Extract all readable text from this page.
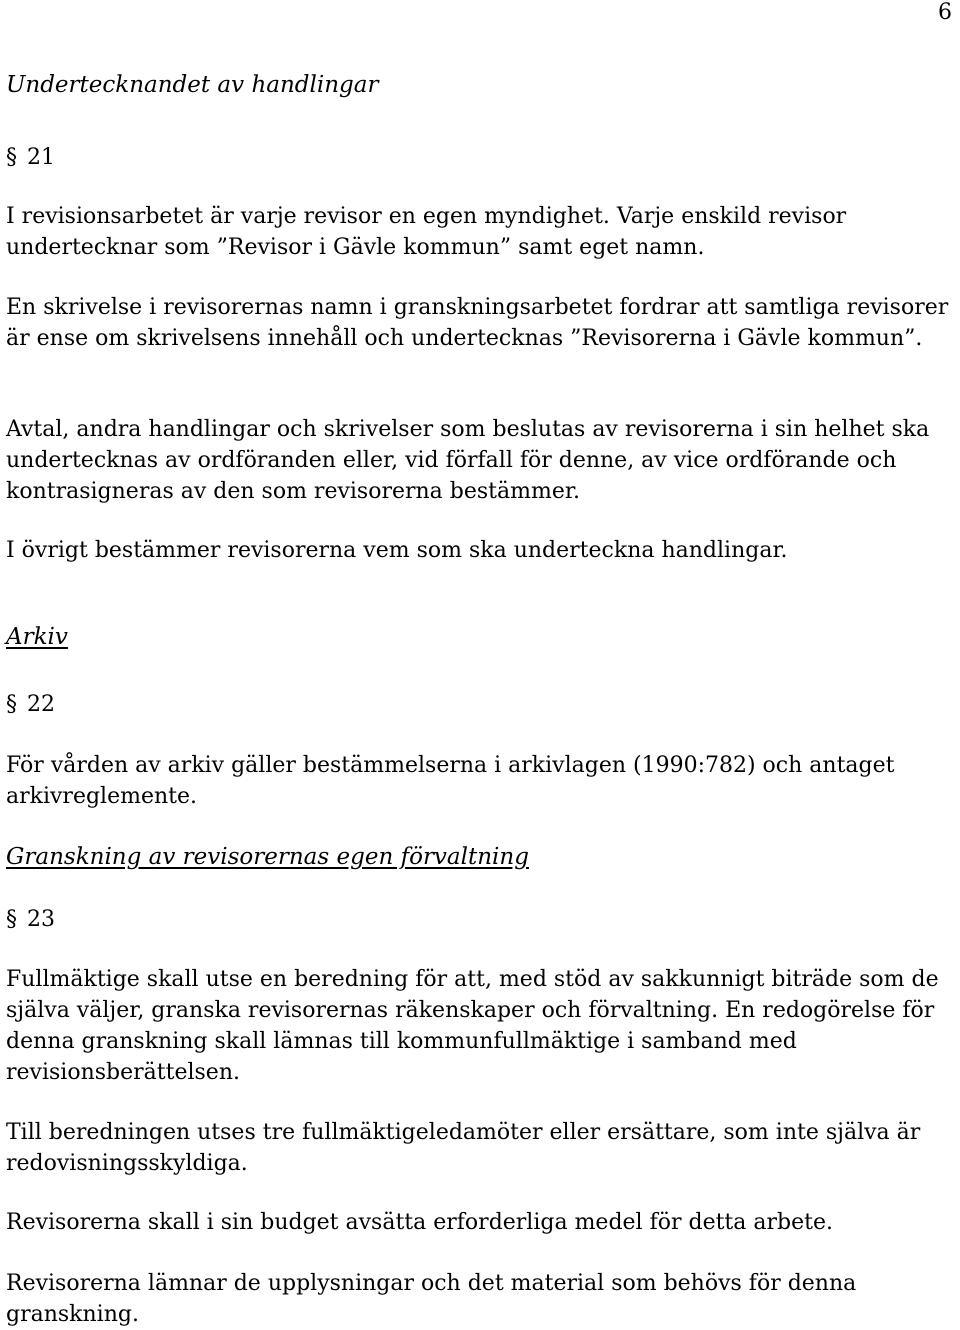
6
Undertecknandet av handlingar
§ 21
I revisionsarbetet är varje revisor en egen myndighet. Varje enskild revisor undertecknar som ”Revisor i Gävle kommun” samt eget namn.
En skrivelse i revisorernas namn i granskningsarbetet fordrar att samtliga revisorer är ense om skrivelsens innehåll och undertecknas ”Revisorerna i Gävle kommun”.
Avtal, andra handlingar och skrivelser som beslutas av revisorerna i sin helhet ska undertecknas av ordföranden eller, vid förfall för denne, av vice ordförande och kontrasigneras av den som revisorerna bestämmer.
I övrigt bestämmer revisorerna vem som ska underteckna handlingar.
Arkiv
§ 22
För vården av arkiv gäller bestämmelserna i arkivlagen (1990:782) och antaget arkivreglemente.
Granskning av revisorernas egen förvaltning
§ 23
Fullmäktige skall utse en beredning för att, med stöd av sakkunnigt biträde som de själva väljer, granska revisorernas räkenskaper och förvaltning. En redogörelse för denna granskning skall lämnas till kommunfullmäktige i samband med revisionsberättelsen.
Till beredningen utses tre fullmäktigeledamöter eller ersättare, som inte själva är redovisningsskyldiga.
Revisorerna skall i sin budget avsätta erforderliga medel för detta arbete.
Revisorerna lämnar de upplysningar och det material som behövs för denna granskning.
